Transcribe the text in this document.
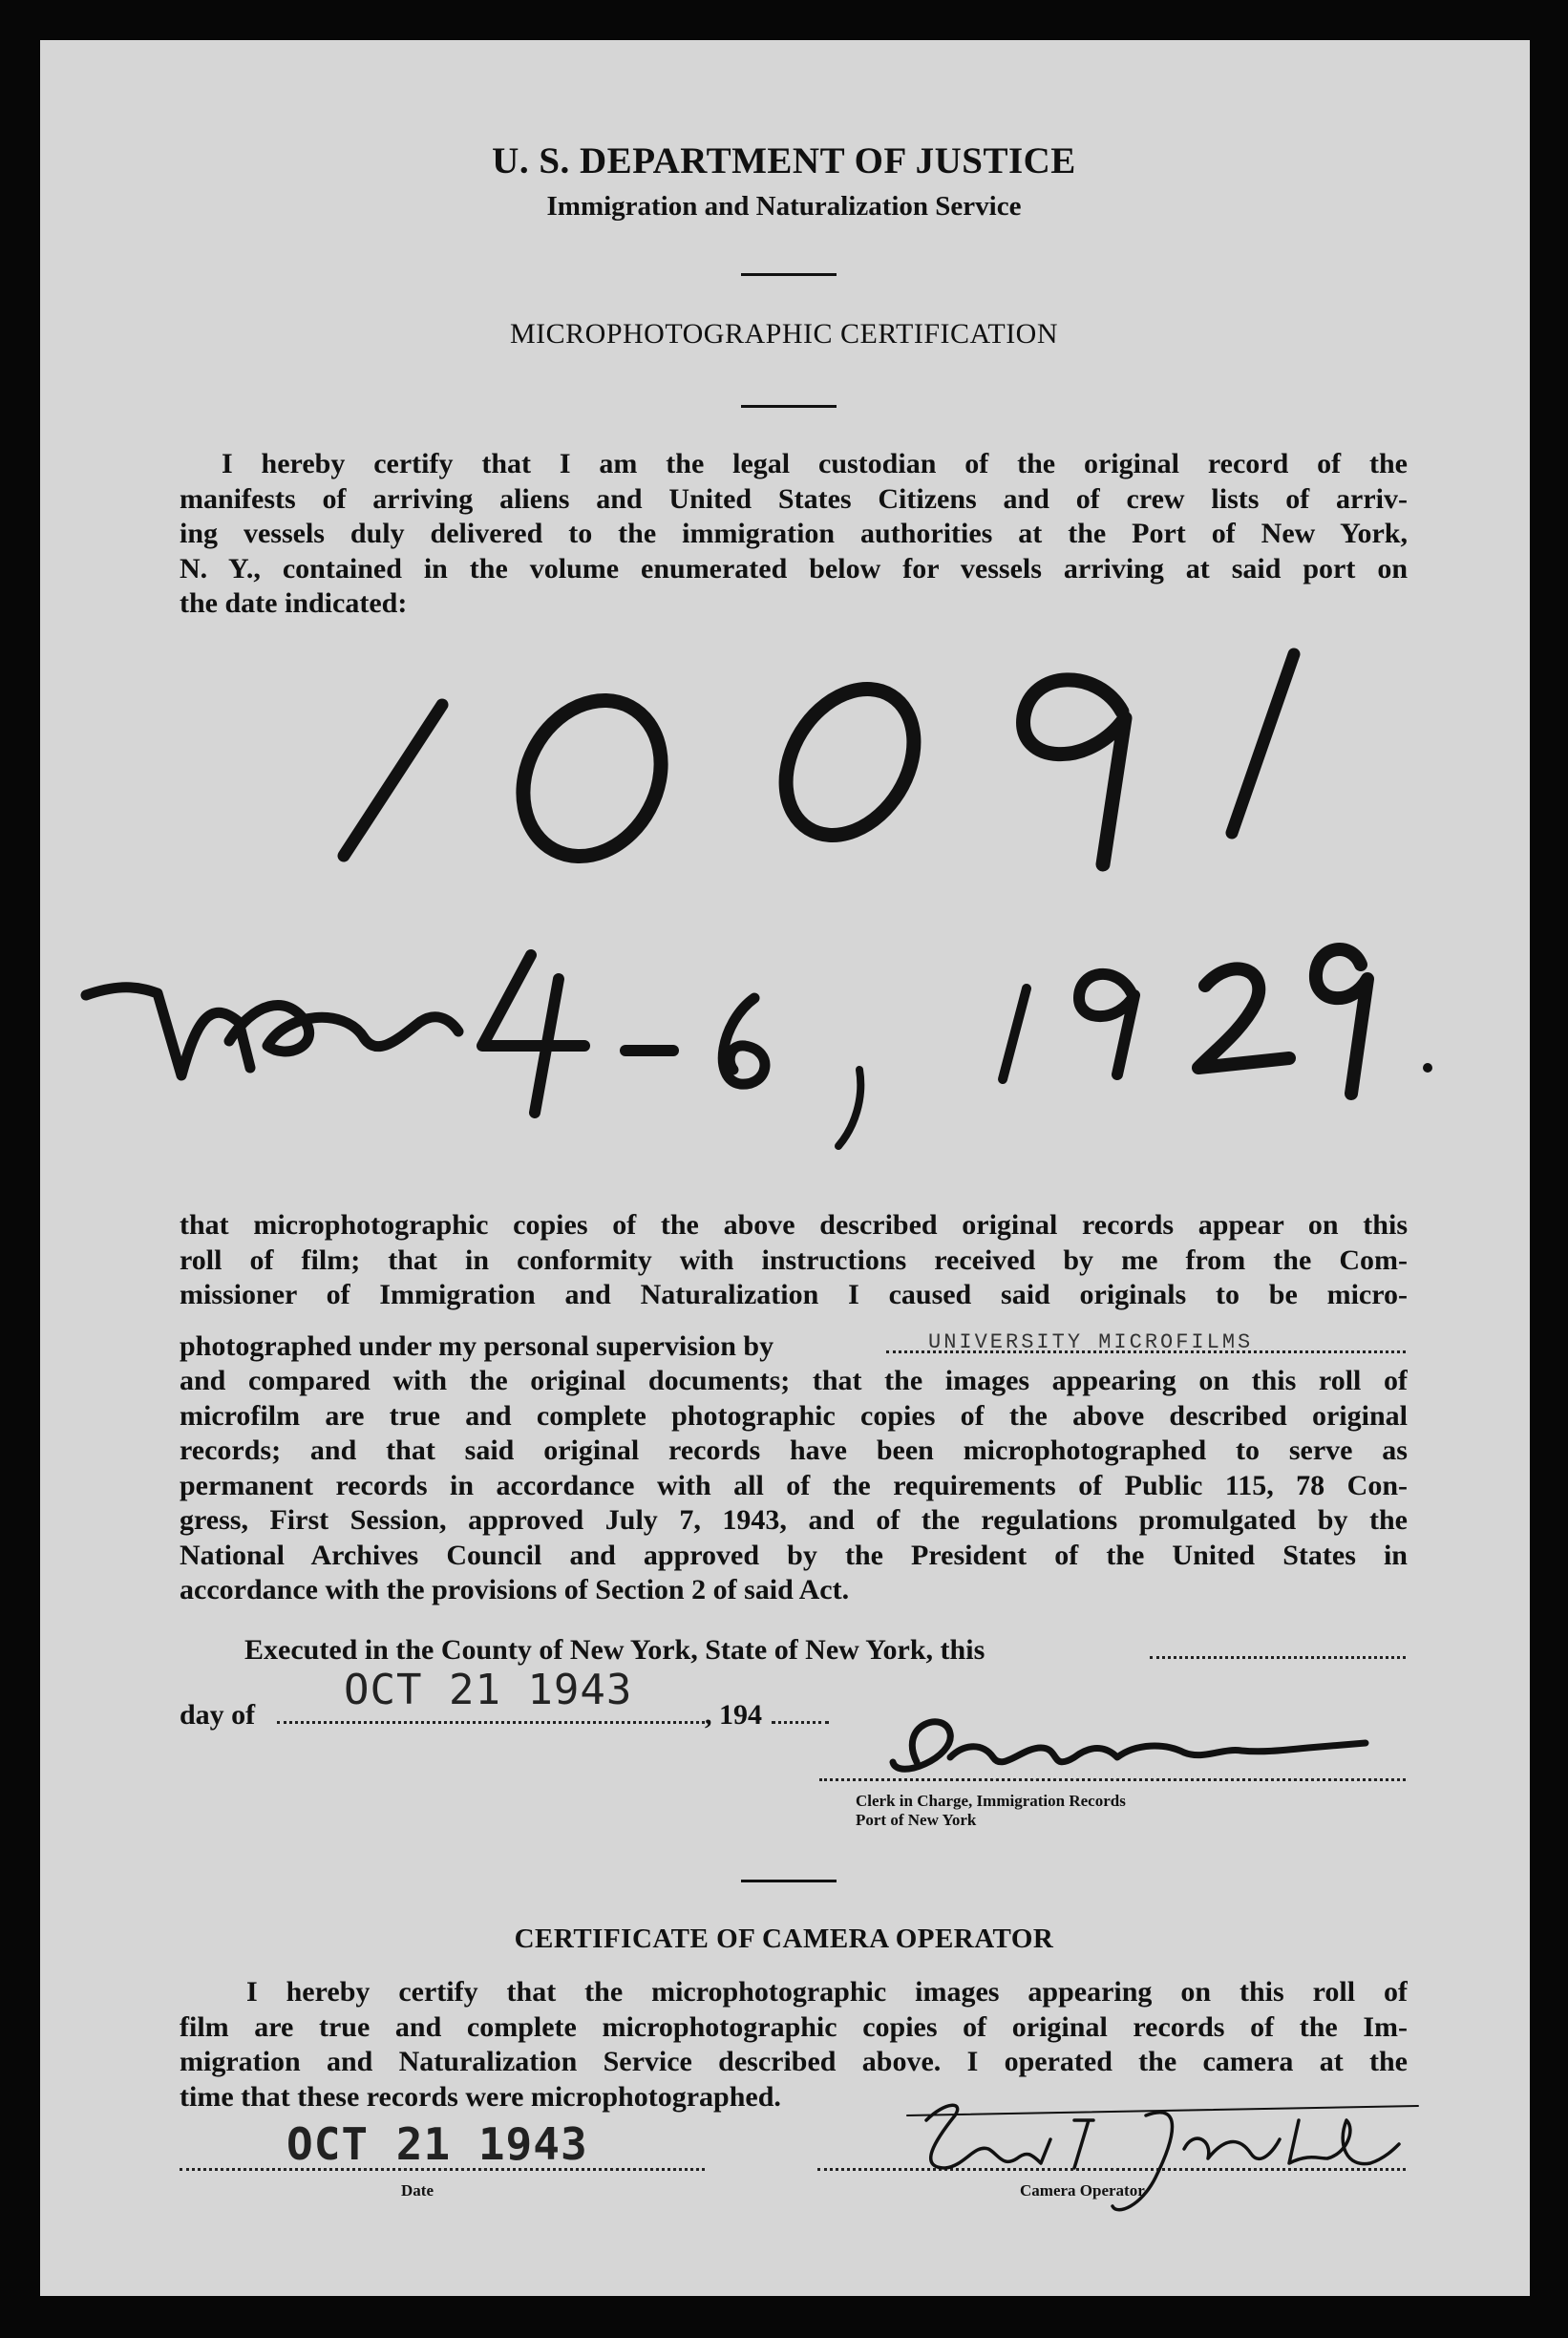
U. S. DEPARTMENT OF JUSTICE
Immigration and Naturalization Service
MICROPHOTOGRAPHIC CERTIFICATION
I hereby certify that I am the legal custodian of the original record of the
manifests of arriving aliens and United States Citizens and of crew lists of arriv-
ing vessels duly delivered to the immigration authorities at the Port of New York,
N. Y., contained in the volume enumerated below for vessels arriving at said port on
the date indicated:
that microphotographic copies of the above described original records appear on this
roll of film; that in conformity with instructions received by me from the Com-
missioner of Immigration and Naturalization I caused said originals to be micro-
photographed under my personal supervision by	UNIVERSITY MICROFILMS
and compared with the original documents; that the images appearing on this roll of
microfilm are true and complete photographic copies of the above described original
records; and that said original records have been microphotographed to serve as
permanent records in accordance with all of the requirements of Public 115, 78 Con-
gress, First Session, approved July 7, 1943, and of the regulations promulgated by the
National Archives Council and approved by the President of the United States in
accordance with the provisions of Section 2 of said Act.
Executed in the County of New York, State of New York, this
day of
OCT 21 1943
, 194
Clerk in Charge, Immigration Records
Port of New York
CERTIFICATE OF CAMERA OPERATOR
I hereby certify that the microphotographic images appearing on this roll of
film are true and complete microphotographic copies of original records of the Im-
migration and Naturalization Service described above. I operated the camera at the
time that these records were microphotographed.
OCT 21 1943
Date	Camera Operator
